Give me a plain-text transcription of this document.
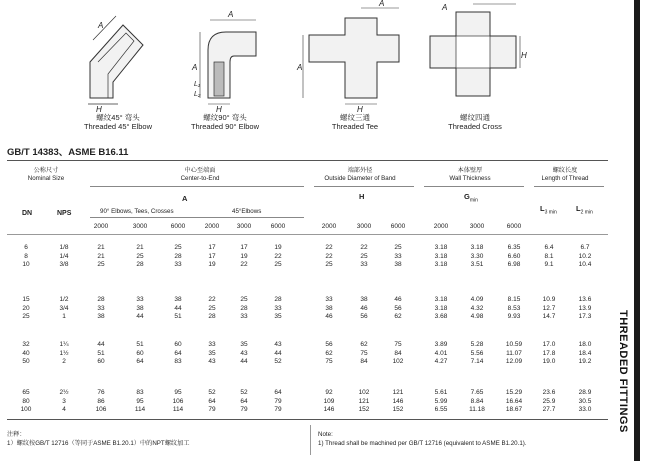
H
A
螺纹45° 弯头
Threaded 45° Elbow
A
H
A
L₁
L₂
螺纹90° 弯头
Threaded 90° Elbow
A
H
A
螺纹三通
Threaded Tee
A
H
螺纹四通
Threaded Cross
GB/T 14383、ASME B16.11
公称尺寸
Nominal Size
中心至端面
Center-to-End
端部外径
Outside Diameter of Band
本体壁厚
Wall Thickness
螺纹长度
Length of Thread
A	H	$G_{min}$
$L_{3 min}$	$L_{2 min}$
DN	NPS	90° Elbows, Tees, Crosses	45°Elbows
2000	3000	6000	2000	3000	6000	2000	3000	6000	2000	3000	6000
6	1/8	21	21	25	17	17	19	22	22	25	3.18	3.18	6.35	6.4	6.7
8	1/4	21	25	28	17	19	22	22	25	33	3.18	3.30	6.60	8.1	10.2
10	3/8	25	28	33	19	22	25	25	33	38	3.18	3.51	6.98	9.1	10.4
15	1/2	28	33	38	22	25	28	33	38	46	3.18	4.09	8.15	10.9	13.6
20	3/4	33	38	44	25	28	33	38	46	56	3.18	4.32	8.53	12.7	13.9
25	1	38	44	51	28	33	35	46	56	62	3.68	4.98	9.93	14.7	17.3
32	1¼	44	51	60	33	35	43	56	62	75	3.89	5.28	10.59	17.0	18.0
40	1½	51	60	64	35	43	44	62	75	84	4.01	5.56	11.07	17.8	18.4
50	2	60	64	83	43	44	52	75	84	102	4.27	7.14	12.09	19.0	19.2
65	2½	76	83	95	52	52	64	92	102	121	5.61	7.65	15.29	23.6	28.9
80	3	86	95	106	64	64	79	109	121	146	5.99	8.84	16.64	25.9	30.5
100	4	106	114	114	79	79	79	146	152	152	6.55	11.18	18.67	27.7	33.0
注释：
1）螺纹按GB/T 12716（等同于ASME B1.20.1）中的NPT螺纹加工
Note:
1) Thread shall be machined per GB/T 12716 (equivalent to ASME B1.20.1).
THREADED FITTINGS
